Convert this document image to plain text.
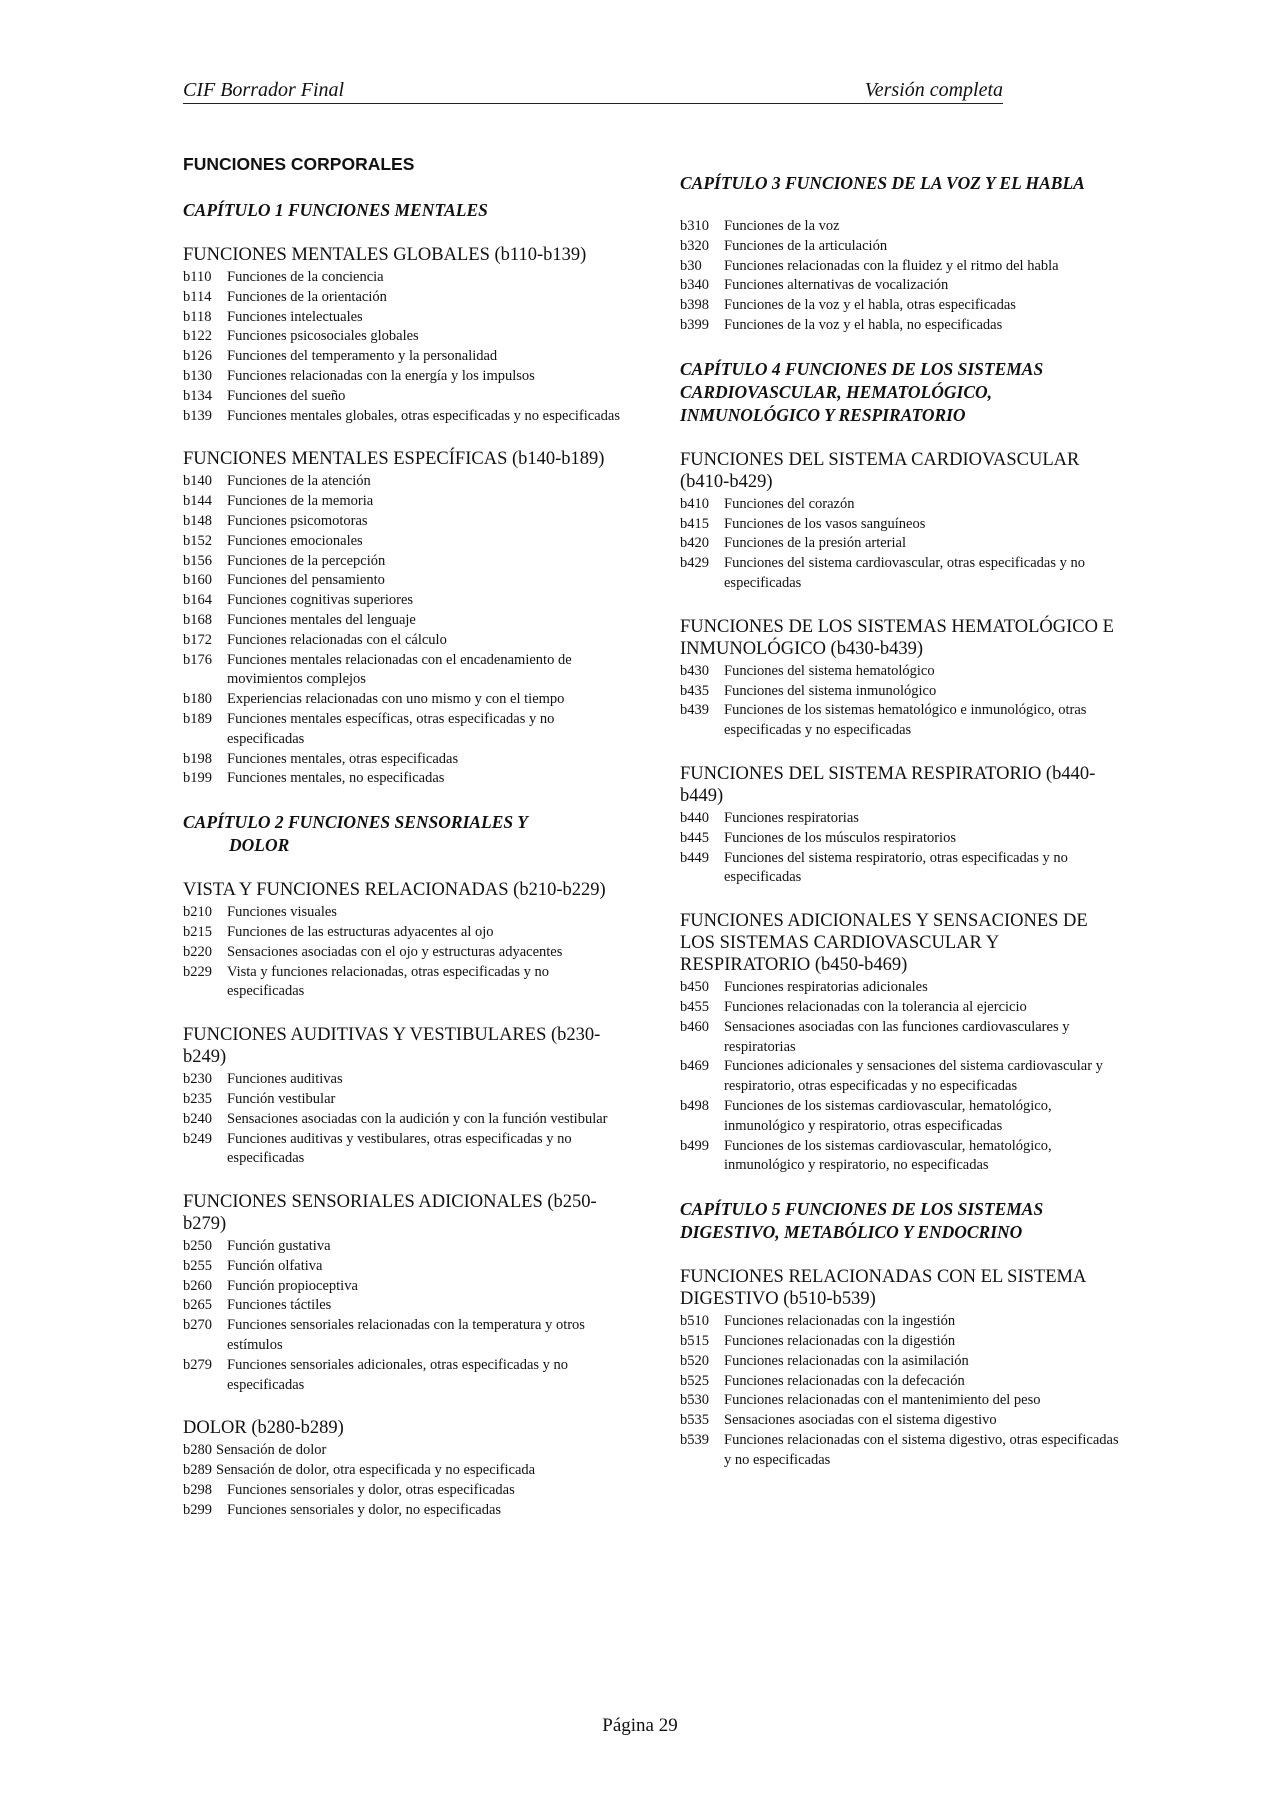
CIF Borrador Final	Versión completa
FUNCIONES CORPORALES
CAPÍTULO 1 FUNCIONES MENTALES
FUNCIONES MENTALES GLOBALES (b110-b139)
b110	Funciones de la conciencia
b114	Funciones de la orientación
b118	Funciones intelectuales
b122	Funciones psicosociales globales
b126	Funciones del temperamento y la personalidad
b130	Funciones relacionadas con la energía y los impulsos
b134	Funciones del sueño
b139	Funciones mentales globales, otras especificadas y no especificadas
FUNCIONES MENTALES ESPECÍFICAS (b140-b189)
b140	Funciones de la atención
b144	Funciones de la memoria
b148	Funciones psicomotoras
b152	Funciones emocionales
b156	Funciones de la percepción
b160	Funciones del pensamiento
b164	Funciones cognitivas superiores
b168	Funciones mentales del lenguaje
b172	Funciones relacionadas con el cálculo
b176	Funciones mentales relacionadas con el encadenamiento de movimientos complejos
b180	Experiencias relacionadas con uno mismo y con el tiempo
b189	Funciones mentales específicas, otras especificadas y no especificadas
b198	Funciones mentales, otras especificadas
b199	Funciones mentales, no especificadas
CAPÍTULO 2 FUNCIONES SENSORIALES Y
DOLOR
VISTA Y FUNCIONES RELACIONADAS (b210-b229)
b210	Funciones visuales
b215	Funciones de las estructuras adyacentes al ojo
b220	Sensaciones asociadas con el ojo y estructuras adyacentes
b229	Vista y funciones relacionadas, otras especificadas y no especificadas
FUNCIONES AUDITIVAS Y VESTIBULARES (b230-b249)
b230	Funciones auditivas
b235	Función vestibular
b240	Sensaciones asociadas con la audición y con la función vestibular
b249	Funciones auditivas y vestibulares, otras especificadas y no especificadas
FUNCIONES SENSORIALES ADICIONALES (b250-b279)
b250	Función gustativa
b255	Función olfativa
b260	Función propioceptiva
b265	Funciones táctiles
b270	Funciones sensoriales relacionadas con la temperatura y otros estímulos
b279	Funciones sensoriales adicionales, otras especificadas y no especificadas
DOLOR (b280-b289)
b280 Sensación de dolor
b289 Sensación de dolor, otra especificada y no especificada
b298	Funciones sensoriales y dolor, otras especificadas
b299	Funciones sensoriales y dolor, no especificadas
CAPÍTULO 3 FUNCIONES DE LA VOZ Y EL HABLA
b310	Funciones de la voz
b320	Funciones de la articulación
b30	Funciones relacionadas con la fluidez y el ritmo del habla
b340	Funciones alternativas de vocalización
b398	Funciones de la voz y el habla, otras especificadas
b399	Funciones de la voz y el habla, no especificadas
CAPÍTULO 4 FUNCIONES DE LOS SISTEMAS CARDIOVASCULAR, HEMATOLÓGICO, INMUNOLÓGICO Y RESPIRATORIO
FUNCIONES DEL SISTEMA CARDIOVASCULAR (b410-b429)
b410	Funciones del corazón
b415	Funciones de los vasos sanguíneos
b420	Funciones de la presión arterial
b429	Funciones del sistema cardiovascular, otras especificadas y no especificadas
FUNCIONES DE LOS SISTEMAS HEMATOLÓGICO E INMUNOLÓGICO (b430-b439)
b430	Funciones del sistema hematológico
b435	Funciones del sistema inmunológico
b439	Funciones de los sistemas hematológico e inmunológico, otras especificadas y no especificadas
FUNCIONES DEL SISTEMA RESPIRATORIO (b440-b449)
b440	Funciones respiratorias
b445	Funciones de los músculos respiratorios
b449	Funciones del sistema respiratorio, otras especificadas y no especificadas
FUNCIONES ADICIONALES Y SENSACIONES DE LOS SISTEMAS CARDIOVASCULAR Y RESPIRATORIO (b450-b469)
b450	Funciones respiratorias adicionales
b455	Funciones relacionadas con la tolerancia al ejercicio
b460	Sensaciones asociadas con las funciones cardiovasculares y respiratorias
b469	Funciones adicionales y sensaciones del sistema cardiovascular y respiratorio, otras especificadas y no especificadas
b498	Funciones de los sistemas cardiovascular, hematológico, inmunológico y respiratorio, otras especificadas
b499	Funciones de los sistemas cardiovascular, hematológico, inmunológico y respiratorio, no especificadas
CAPÍTULO 5 FUNCIONES DE LOS SISTEMAS DIGESTIVO, METABÓLICO Y ENDOCRINO
FUNCIONES RELACIONADAS CON EL SISTEMA DIGESTIVO (b510-b539)
b510	Funciones relacionadas con la ingestión
b515	Funciones relacionadas con la digestión
b520	Funciones relacionadas con la asimilación
b525	Funciones relacionadas con la defecación
b530	Funciones relacionadas con el mantenimiento del peso
b535	Sensaciones asociadas con el sistema digestivo
b539	Funciones relacionadas con el sistema digestivo, otras especificadas y no especificadas
Página 29
